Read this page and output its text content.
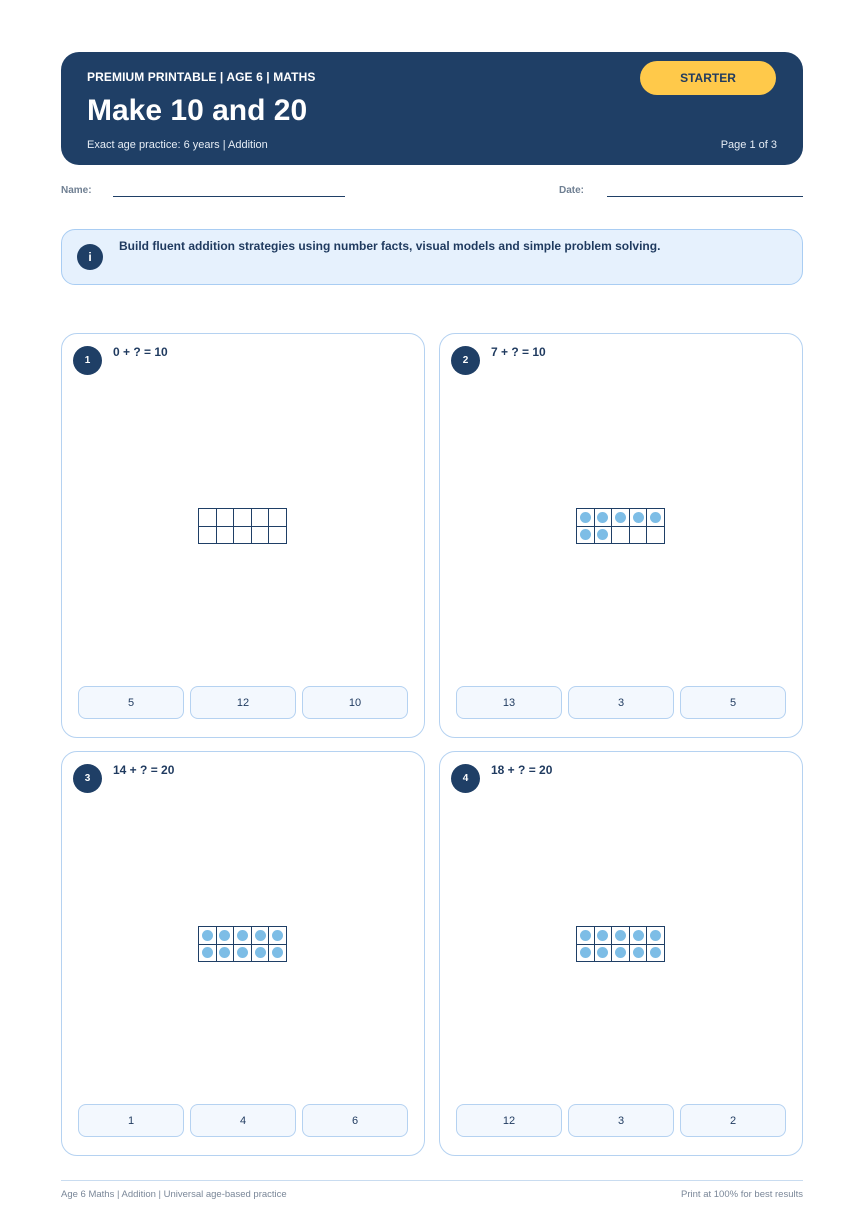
PREMIUM PRINTABLE | AGE 6 | MATHS
Make 10 and 20
Exact age practice: 6 years | Addition	Page 1 of 3
STARTER
Name:	Date:
i
Build fluent addition strategies using number facts, visual models and simple problem solving.
1
0 + ? = 10
5	12	10
2
7 + ? = 10
13	3	5
3
14 + ? = 20
1	4	6
4
18 + ? = 20
12	3	2
Age 6 Maths | Addition | Universal age-based practice	Print at 100% for best results
